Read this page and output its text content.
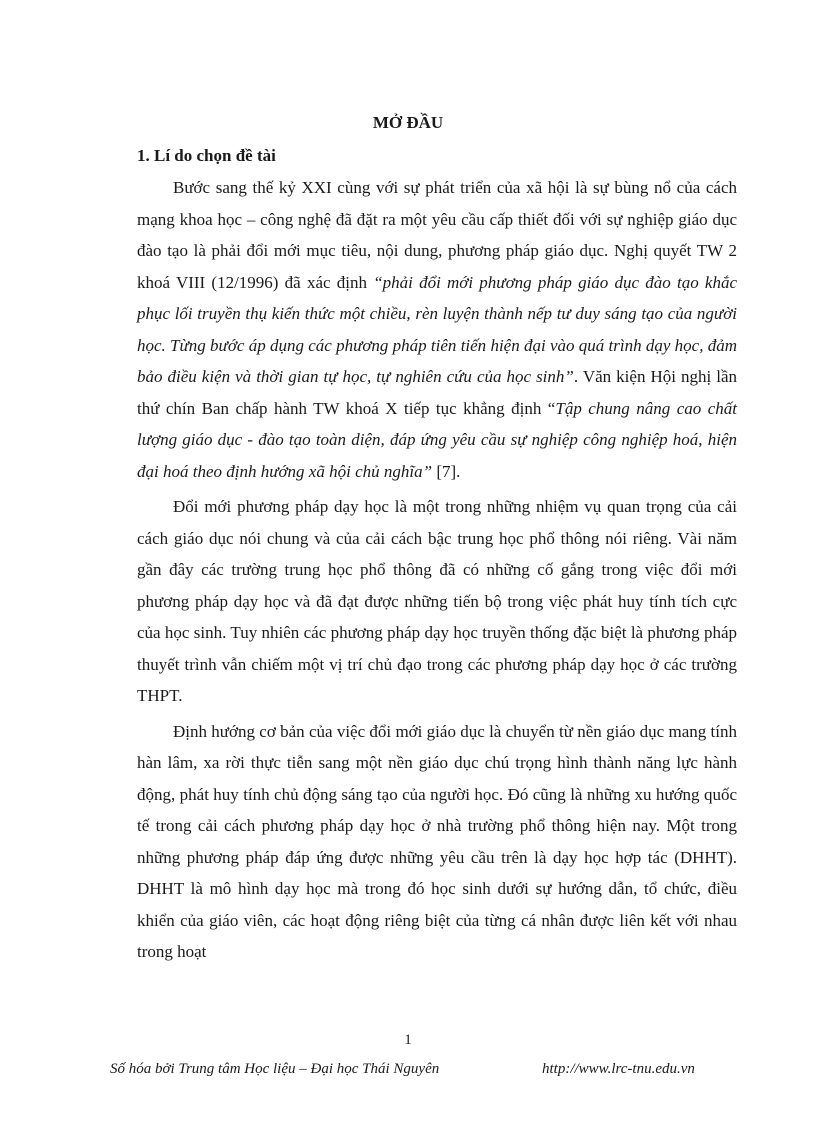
MỞ ĐẦU
1. Lí do chọn đề tài

Bước sang thế kỷ XXI cùng với sự phát triển của xã hội là sự bùng nổ của cách mạng khoa học – công nghệ đã đặt ra một yêu cầu cấp thiết đối với sự nghiệp giáo dục đào tạo là phải đổi mới mục tiêu, nội dung, phương pháp giáo dục. Nghị quyết TW 2 khoá VIII (12/1996) đã xác định “phải đổi mới phương pháp giáo dục đào tạo khắc phục lối truyền thụ kiến thức một chiều, rèn luyện thành nếp tư duy sáng tạo của người học. Từng bước áp dụng các phương pháp tiên tiến hiện đại vào quá trình dạy học, đảm bảo điều kiện và thời gian tự học, tự nghiên cứu của học sinh”. Văn kiện Hội nghị lần thứ chín Ban chấp hành TW khoá X tiếp tục khẳng định “Tập chung nâng cao chất lượng giáo dục - đào tạo toàn diện, đáp ứng yêu cầu sự nghiệp công nghiệp hoá, hiện đại hoá theo định hướng xã hội chủ nghĩa” [7].

Đổi mới phương pháp dạy học là một trong những nhiệm vụ quan trọng của cải cách giáo dục nói chung và của cải cách bậc trung học phổ thông nói riêng. Vài năm gần đây các trường trung học phổ thông đã có những cố gắng trong việc đổi mới phương pháp dạy học và đã đạt được những tiến bộ trong việc phát huy tính tích cực của học sinh. Tuy nhiên các phương pháp dạy học truyền thống đặc biệt là phương pháp thuyết trình vẫn chiếm một vị trí chủ đạo trong các phương pháp dạy học ở các trường THPT.

Định hướng cơ bản của việc đổi mới giáo dục là chuyển từ nền giáo dục mang tính hàn lâm, xa rời thực tiễn sang một nền giáo dục chú trọng hình thành năng lực hành động, phát huy tính chủ động sáng tạo của người học. Đó cũng là những xu hướng quốc tế trong cải cách phương pháp dạy học ở nhà trường phổ thông hiện nay. Một trong những phương pháp đáp ứng được những yêu cầu trên là dạy học hợp tác (DHHT). DHHT là mô hình dạy học mà trong đó học sinh dưới sự hướng dẫn, tổ chức, điều khiển của giáo viên, các hoạt động riêng biệt của từng cá nhân được liên kết với nhau trong hoạt

1
Số hóa bởi Trung tâm Học liệu – Đại học Thái Nguyên	http://www.lrc-tnu.edu.vn
